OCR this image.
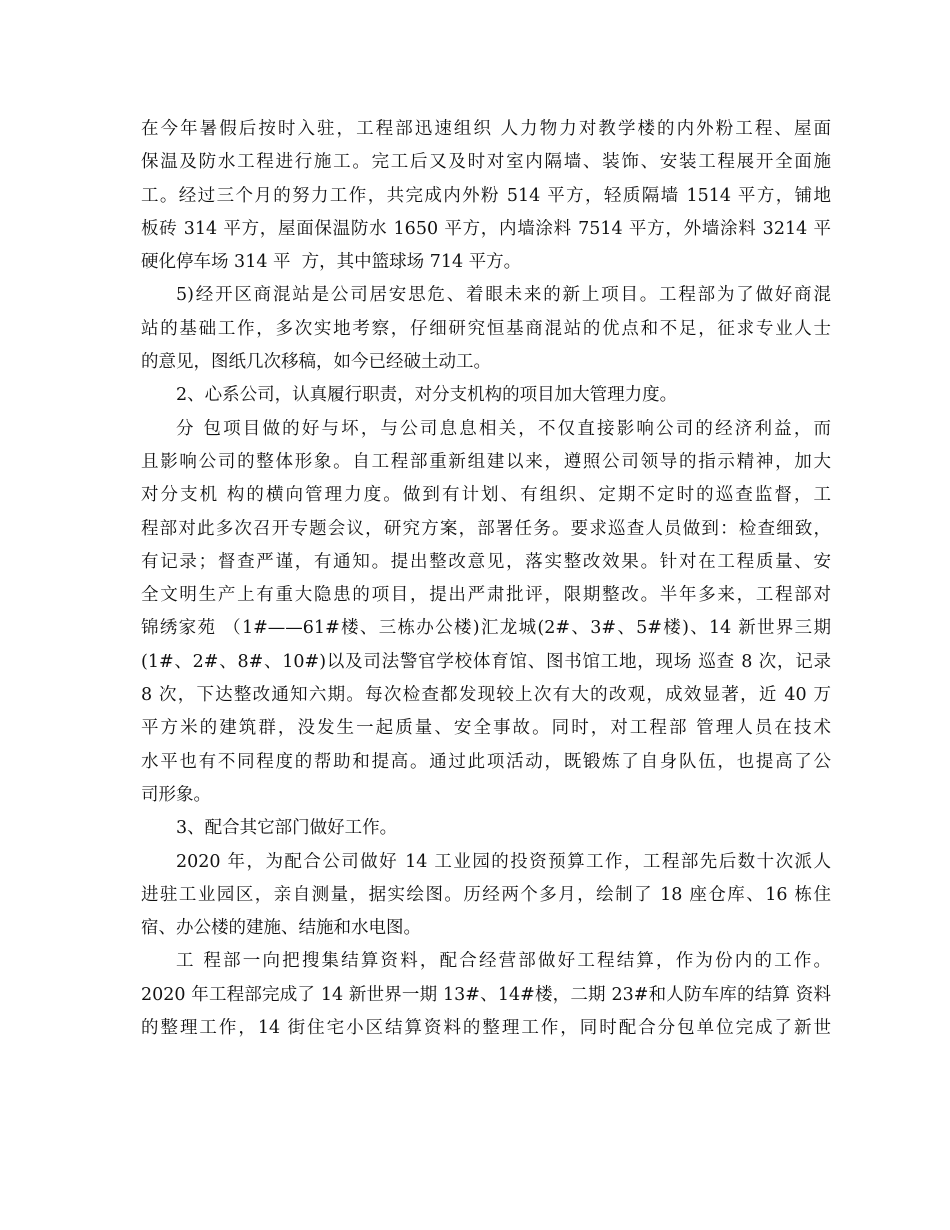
在今年暑假后按时入驻，工程部迅速组织 人力物力对教学楼的内外粉工程、屋面
保温及防水工程进行施工。完工后又及时对室内隔墙、装饰、安装工程展开全面施
工。经过三个月的努力工作，共完成内外粉 514 平方，轻质隔墙 1514 平方，铺地
板砖 314 平方，屋面保温防水 1650 平方，内墙涂料 7514 平方，外墙涂料 3214 平
硬化停车场 314 平  方，其中篮球场 714 平方。
5)经开区商混站是公司居安思危、着眼未来的新上项目。工程部为了做好商混
站的基础工作，多次实地考察，仔细研究恒基商混站的优点和不足，征求专业人士
的意见，图纸几次移稿，如今已经破土动工。
2、心系公司，认真履行职责，对分支机构的项目加大管理力度。
分 包项目做的好与坏，与公司息息相关，不仅直接影响公司的经济利益，而
且影响公司的整体形象。自工程部重新组建以来，遵照公司领导的指示精神，加大
对分支机 构的横向管理力度。做到有计划、有组织、定期不定时的巡查监督，工
程部对此多次召开专题会议，研究方案，部署任务。要求巡查人员做到：检查细致，
有记录；督查严谨，有通知。提出整改意见，落实整改效果。针对在工程质量、安
全文明生产上有重大隐患的项目，提出严肃批评，限期整改。半年多来，工程部对
锦绣家苑 （1#——61#楼、三栋办公楼)汇龙城(2#、3#、5#楼)、14 新世界三期
(1#、2#、8#、10#)以及司法警官学校体育馆、图书馆工地，现场 巡查 8 次，记录
8 次，下达整改通知六期。每次检查都发现较上次有大的改观，成效显著，近 40 万
平方米的建筑群，没发生一起质量、安全事故。同时，对工程部 管理人员在技术
水平也有不同程度的帮助和提高。通过此项活动，既锻炼了自身队伍，也提高了公
司形象。
3、配合其它部门做好工作。
2020 年，为配合公司做好 14 工业园的投资预算工作，工程部先后数十次派人
进驻工业园区，亲自测量，据实绘图。历经两个多月，绘制了 18 座仓库、16 栋住
宿、办公楼的建施、结施和水电图。
工 程部一向把搜集结算资料，配合经营部做好工程结算，作为份内的工作。
2020 年工程部完成了 14 新世界一期 13#、14#楼，二期 23#和人防车库的结算 资料
的整理工作，14 街住宅小区结算资料的整理工作，同时配合分包单位完成了新世
